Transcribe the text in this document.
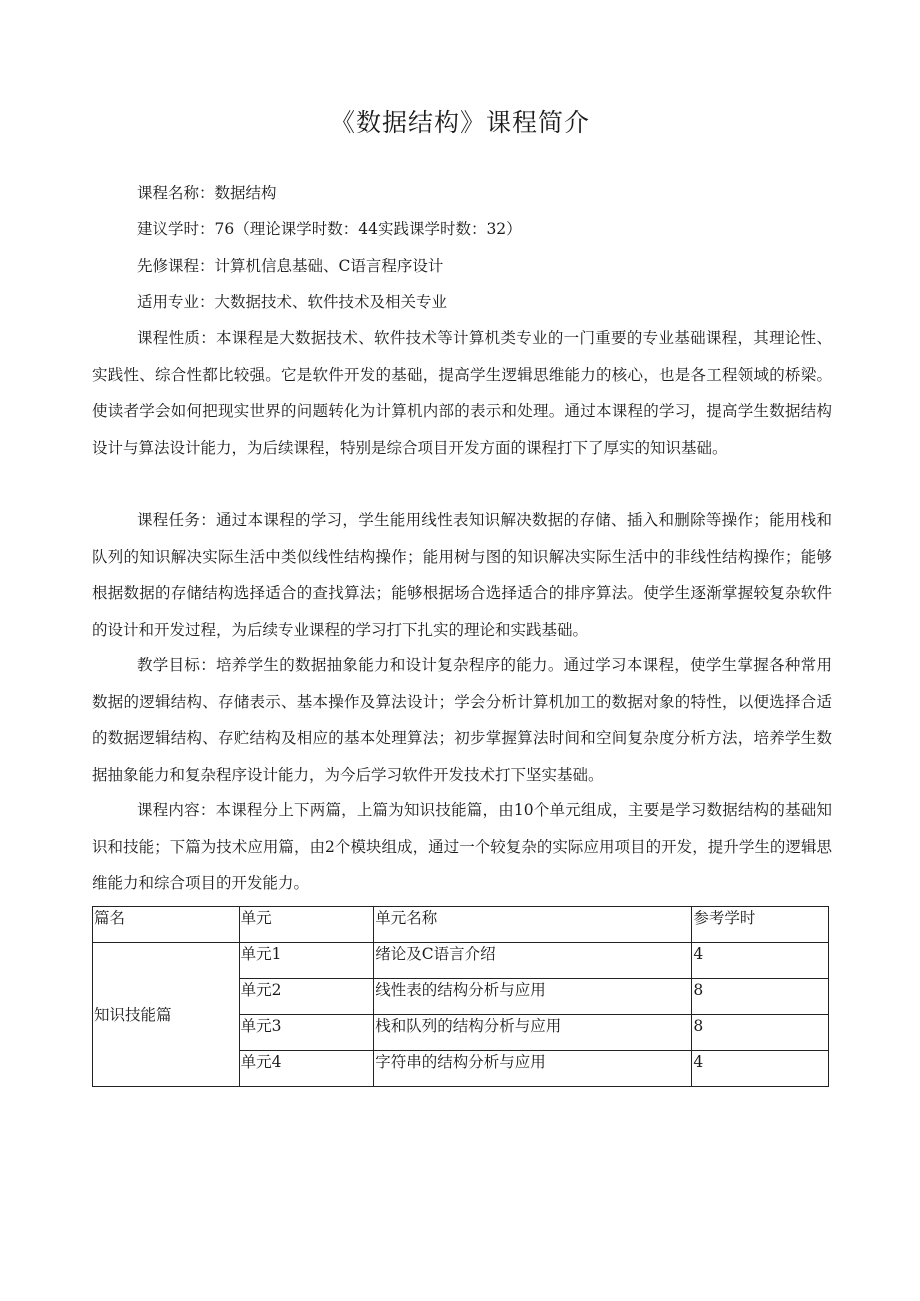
《数据结构》课程简介
课程名称：数据结构
建议学时：76（理论课学时数：44实践课学时数：32）
先修课程：计算机信息基础、C语言程序设计
适用专业：大数据技术、软件技术及相关专业

课程性质：本课程是大数据技术、软件技术等计算机类专业的一门重要的专业基础课程，其理论性、实践性、综合性都比较强。它是软件开发的基础，提高学生逻辑思维能力的核心，也是各工程领域的桥梁。使读者学会如何把现实世界的问题转化为计算机内部的表示和处理。通过本课程的学习，提高学生数据结构设计与算法设计能力，为后续课程，特别是综合项目开发方面的课程打下了厚实的知识基础。

课程任务：通过本课程的学习，学生能用线性表知识解决数据的存储、插入和删除等操作；能用栈和队列的知识解决实际生活中类似线性结构操作；能用树与图的知识解决实际生活中的非线性结构操作；能够根据数据的存储结构选择适合的查找算法；能够根据场合选择适合的排序算法。使学生逐渐掌握较复杂软件的设计和开发过程，为后续专业课程的学习打下扎实的理论和实践基础。

教学目标：培养学生的数据抽象能力和设计复杂程序的能力。通过学习本课程，使学生掌握各种常用数据的逻辑结构、存储表示、基本操作及算法设计；学会分析计算机加工的数据对象的特性，以便选择合适的数据逻辑结构、存贮结构及相应的基本处理算法；初步掌握算法时间和空间复杂度分析方法，培养学生数据抽象能力和复杂程序设计能力，为今后学习软件开发技术打下坚实基础。

课程内容：本课程分上下两篇，上篇为知识技能篇，由10个单元组成，主要是学习数据结构的基础知识和技能；下篇为技术应用篇，由2个模块组成，通过一个较复杂的实际应用项目的开发，提升学生的逻辑思维能力和综合项目的开发能力。

篇名	单元	单元名称	参考学时
知识技能篇	单元1	绪论及C语言介绍	4
	单元2	线性表的结构分析与应用	8
	单元3	栈和队列的结构分析与应用	8
	单元4	字符串的结构分析与应用	4
